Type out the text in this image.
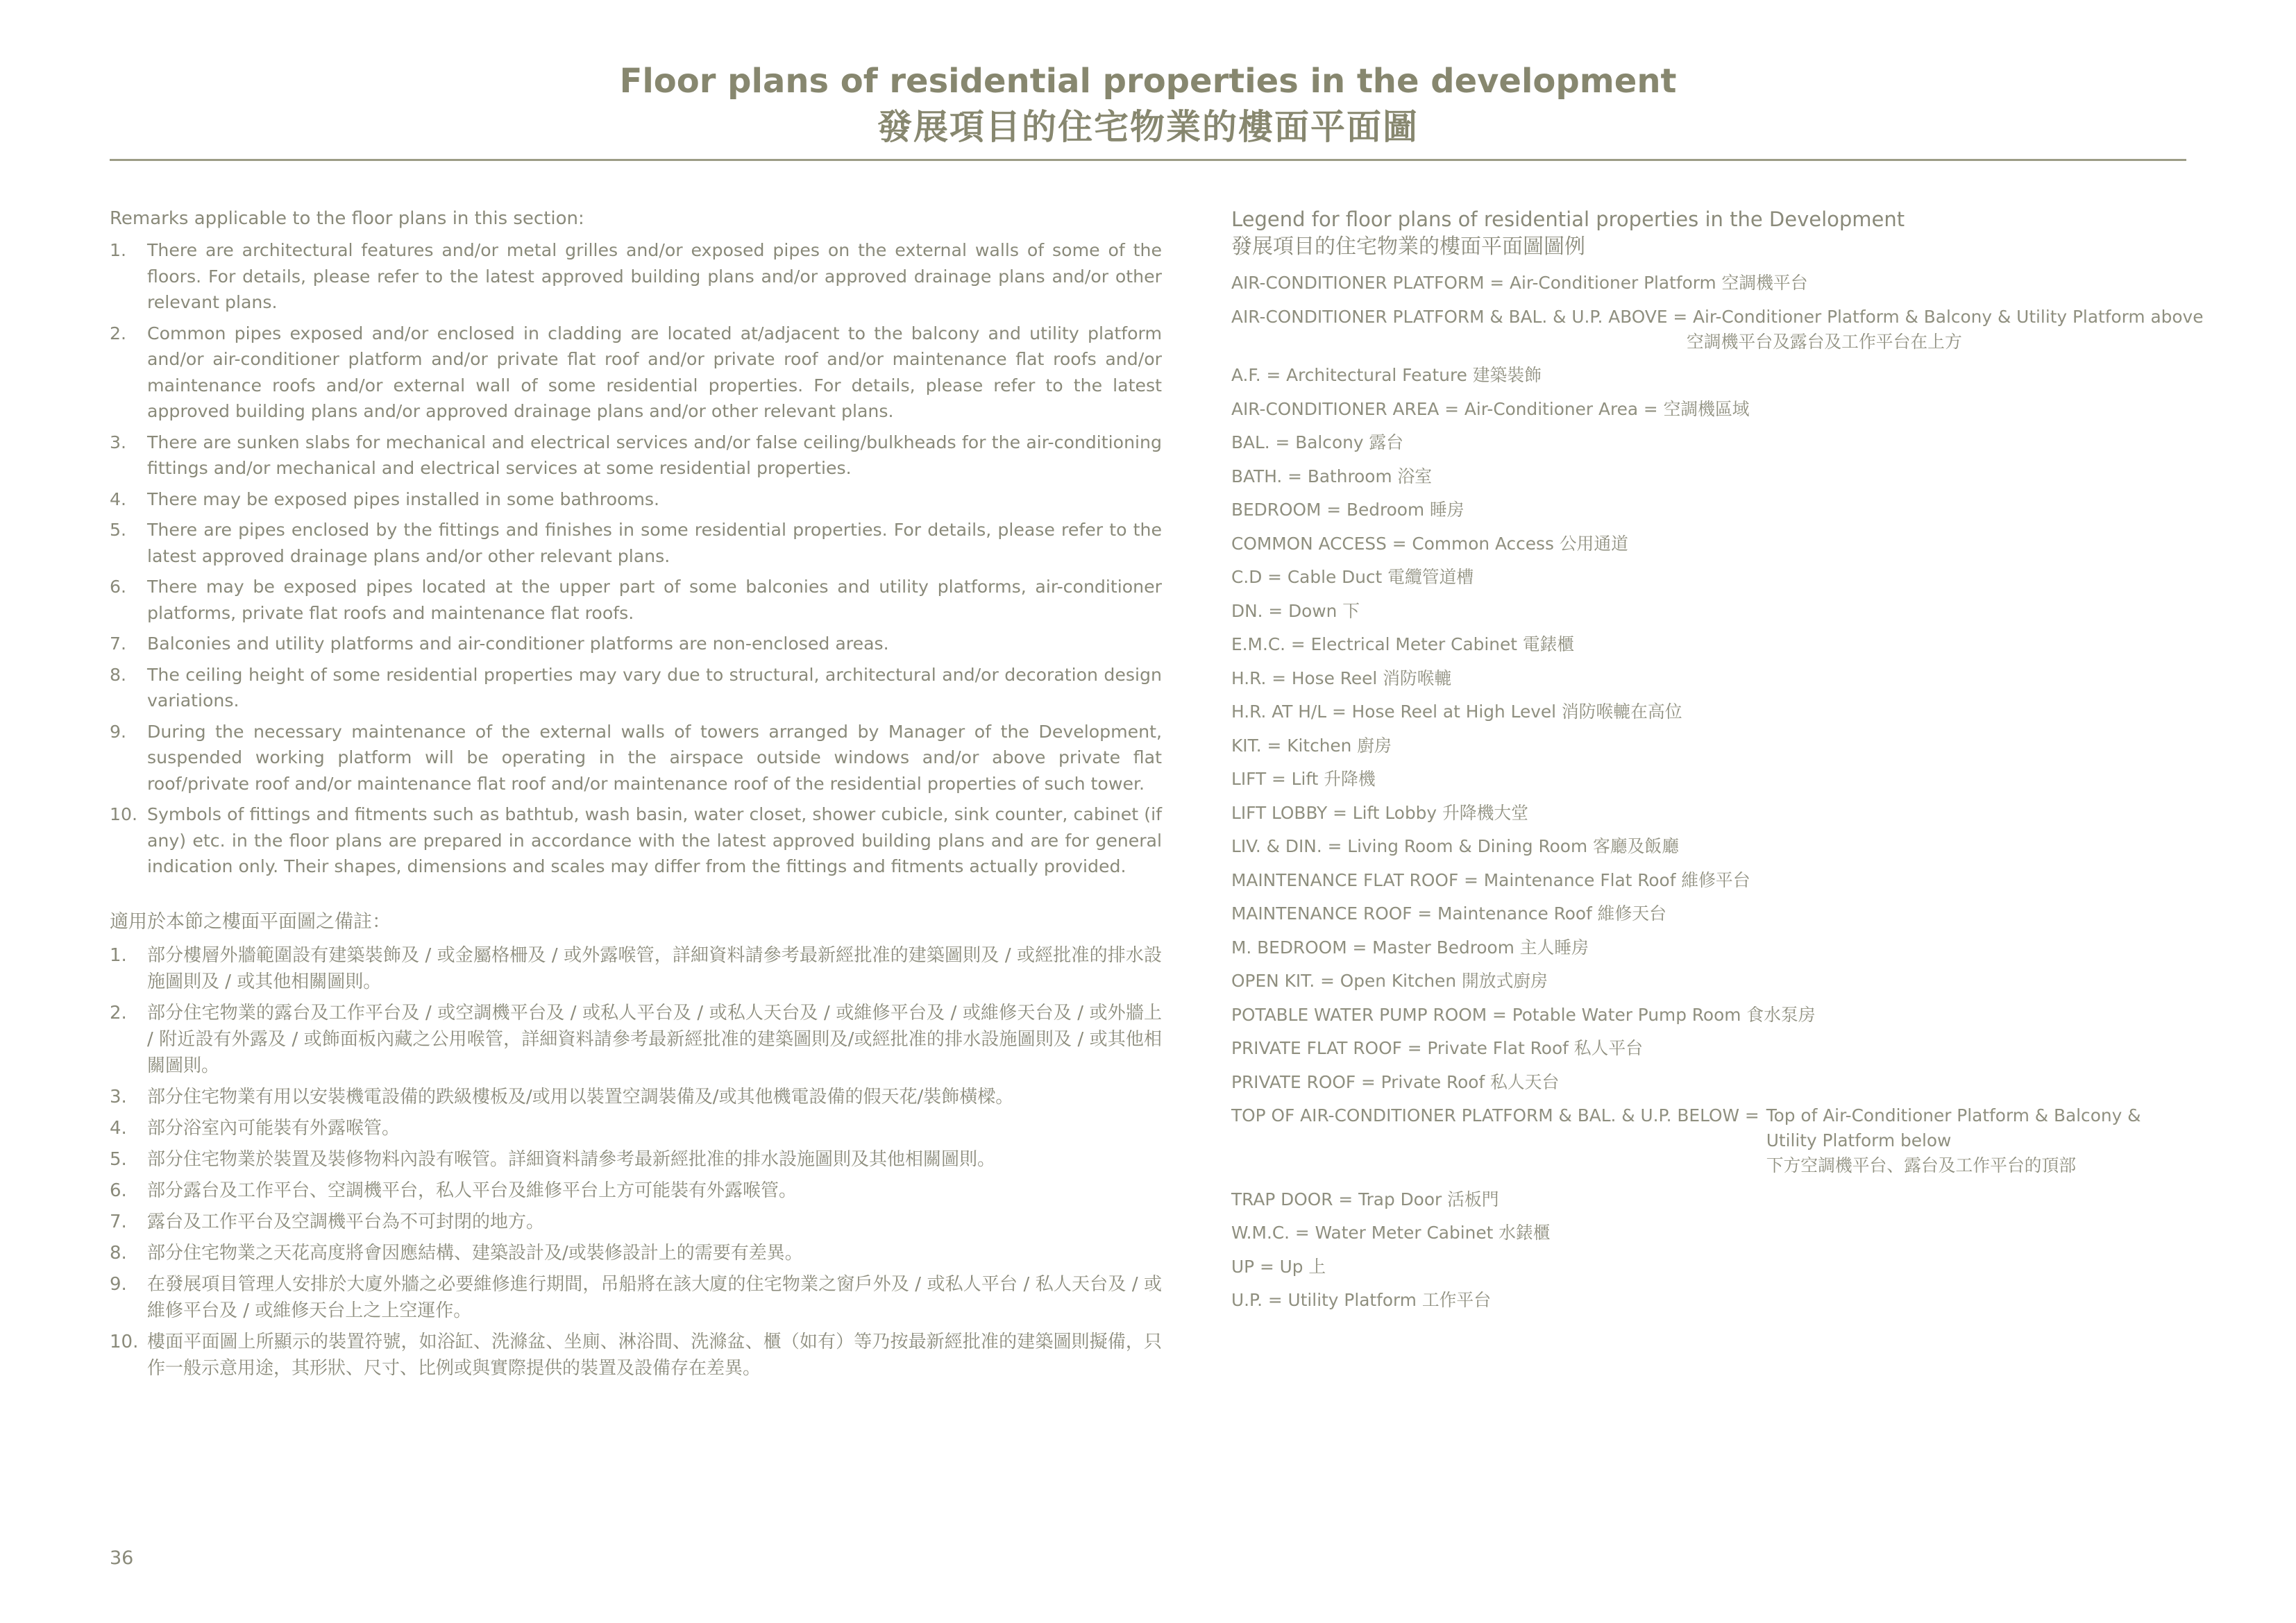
Floor plans of residential properties in the development
發展項目的住宅物業的樓面平面圖
Remarks applicable to the floor plans in this section:
1. There are architectural features and/or metal grilles and/or exposed pipes on the external walls of some of the floors. For details, please refer to the latest approved building plans and/or approved drainage plans and/or other relevant plans.
2. Common pipes exposed and/or enclosed in cladding are located at/adjacent to the balcony and utility platform and/or air-conditioner platform and/or private flat roof and/or private roof and/or maintenance flat roofs and/or maintenance roofs and/or external wall of some residential properties. For details, please refer to the latest approved building plans and/or approved drainage plans and/or other relevant plans.
3. There are sunken slabs for mechanical and electrical services and/or false ceiling/bulkheads for the air-conditioning fittings and/or mechanical and electrical services at some residential properties.
4. There may be exposed pipes installed in some bathrooms.
5. There are pipes enclosed by the fittings and finishes in some residential properties. For details, please refer to the latest approved drainage plans and/or other relevant plans.
6. There may be exposed pipes located at the upper part of some balconies and utility platforms, air-conditioner platforms, private flat roofs and maintenance flat roofs.
7. Balconies and utility platforms and air-conditioner platforms are non-enclosed areas.
8. The ceiling height of some residential properties may vary due to structural, architectural and/or decoration design variations.
9. During the necessary maintenance of the external walls of towers arranged by Manager of the Development, suspended working platform will be operating in the airspace outside windows and/or above private flat roof/private roof and/or maintenance flat roof and/or maintenance roof of the residential properties of such tower.
10. Symbols of fittings and fitments such as bathtub, wash basin, water closet, shower cubicle, sink counter, cabinet (if any) etc. in the floor plans are prepared in accordance with the latest approved building plans and are for general indication only. Their shapes, dimensions and scales may differ from the fittings and fitments actually provided.
適用於本節之樓面平面圖之備註：
1. 部分樓層外牆範圍設有建築裝飾及 / 或金屬格柵及 / 或外露喉管，詳細資料請參考最新經批准的建築圖則及 / 或經批准的排水設施圖則及 / 或其他相關圖則。
2. 部分住宅物業的露台及工作平台及 / 或空調機平台及 / 或私人平台及 / 或私人天台及 / 或維修平台及 / 或維修天台及 / 或外牆上 / 附近設有外露及 / 或飾面板內藏之公用喉管，詳細資料請參考最新經批准的建築圖則及/或經批准的排水設施圖則及 / 或其他相關圖則。
3. 部分住宅物業有用以安裝機電設備的跌級樓板及/或用以裝置空調裝備及/或其他機電設備的假天花/裝飾橫樑。
4. 部分浴室內可能裝有外露喉管。
5. 部分住宅物業於裝置及裝修物料內設有喉管。詳細資料請參考最新經批准的排水設施圖則及其他相關圖則。
6. 部分露台及工作平台、空調機平台，私人平台及維修平台上方可能裝有外露喉管。
7. 露台及工作平台及空調機平台為不可封閉的地方。
8. 部分住宅物業之天花高度將會因應結構、建築設計及/或裝修設計上的需要有差異。
9. 在發展項目管理人安排於大廈外牆之必要維修進行期間，吊船將在該大廈的住宅物業之窗戶外及 / 或私人平台 / 私人天台及 / 或維修平台及 / 或維修天台上之上空運作。
10. 樓面平面圖上所顯示的裝置符號，如浴缸、洗滌盆、坐廁、淋浴間、洗滌盆、櫃（如有）等乃按最新經批准的建築圖則擬備，只作一般示意用途，其形狀、尺寸、比例或與實際提供的裝置及設備存在差異。
Legend for floor plans of residential properties in the Development
發展項目的住宅物業的樓面平面圖圖例
AIR-CONDITIONER PLATFORM = Air-Conditioner Platform 空調機平台
AIR-CONDITIONER PLATFORM & BAL. & U.P. ABOVE = Air-Conditioner Platform & Balcony & Utility Platform above
空調機平台及露台及工作平台在上方
A.F. = Architectural Feature 建築裝飾
AIR-CONDITIONER AREA = Air-Conditioner Area = 空調機區域
BAL. = Balcony 露台
BATH. = Bathroom 浴室
BEDROOM = Bedroom 睡房
COMMON ACCESS = Common Access 公用通道
C.D = Cable Duct 電纜管道槽
DN. = Down 下
E.M.C. = Electrical Meter Cabinet 電錶櫃
H.R. = Hose Reel 消防喉轆
H.R. AT H/L = Hose Reel at High Level 消防喉轆在高位
KIT. = Kitchen 廚房
LIFT = Lift 升降機
LIFT LOBBY = Lift Lobby 升降機大堂
LIV. & DIN. = Living Room & Dining Room 客廳及飯廳
MAINTENANCE FLAT ROOF = Maintenance Flat Roof 維修平台
MAINTENANCE ROOF = Maintenance Roof 維修天台
M. BEDROOM = Master Bedroom 主人睡房
OPEN KIT. = Open Kitchen 開放式廚房
POTABLE WATER PUMP ROOM = Potable Water Pump Room 食水泵房
PRIVATE FLAT ROOF = Private Flat Roof 私人平台
PRIVATE ROOF = Private Roof 私人天台
TOP OF AIR-CONDITIONER PLATFORM & BAL. & U.P. BELOW = Top of Air-Conditioner Platform & Balcony & Utility Platform below
下方空調機平台、露台及工作平台的頂部
TRAP DOOR = Trap Door 活板門
W.M.C. = Water Meter Cabinet 水錶櫃
UP = Up 上
U.P. = Utility Platform 工作平台
36
